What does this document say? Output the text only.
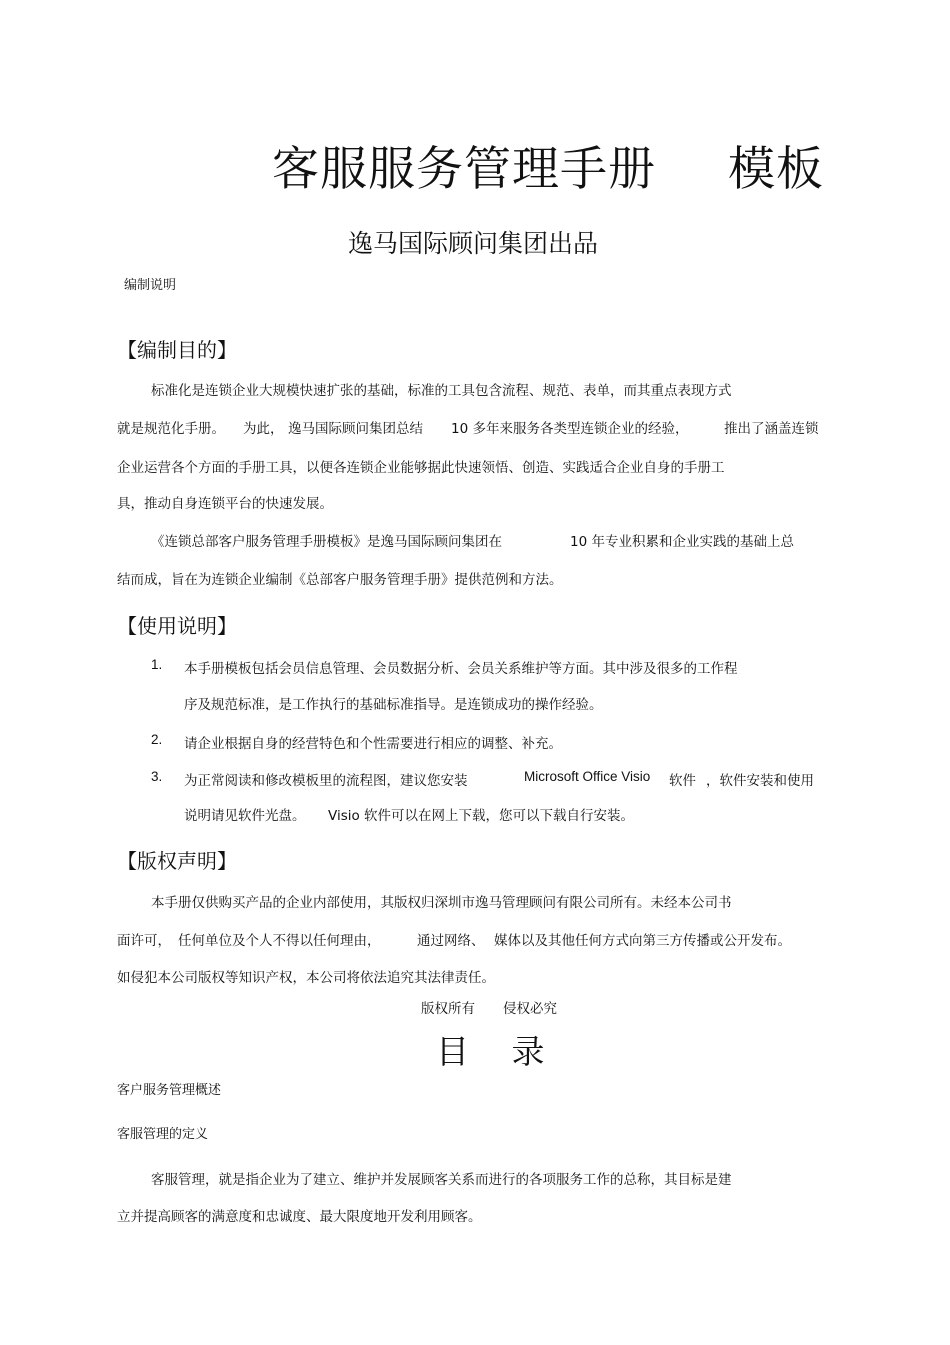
客服服务管理手册 模板
逸马国际顾问集团出品
编制说明
【编制目的】
标准化是连锁企业大规模快速扩张的基础，标准的工具包含流程、规范、表单，而其重点表现方式
就是规范化手册。 为此， 逸马国际顾问集团总结 10 多年来服务各类型连锁企业的经验，	推出了涵盖连锁
企业运营各个方面的手册工具，以便各连锁企业能够据此快速领悟、创造、实践适合企业自身的手册工
具，推动自身连锁平台的快速发展。
《连锁总部客户服务管理手册模板》是逸马国际顾问集团在	10 年专业积累和企业实践的基础上总
结而成，旨在为连锁企业编制《总部客户服务管理手册》提供范例和方法。
【使用说明】
1. 本手册模板包括会员信息管理、会员数据分析、会员关系维护等方面。其中涉及很多的工作程
序及规范标准，是工作执行的基础标准指导。是连锁成功的操作经验。
2. 请企业根据自身的经营特色和个性需要进行相应的调整、补充。
3. 为正常阅读和修改模板里的流程图，建议您安装	Microsoft Office Visio 软件 ，软件安装和使用
说明请见软件光盘。 Visio 软件可以在网上下载，您可以下载自行安装。
【版权声明】
本手册仅供购买产品的企业内部使用，其版权归深圳市逸马管理顾问有限公司所有。未经本公司书
面许可， 任何单位及个人不得以任何理由，	通过网络、 媒体以及其他任何方式向第三方传播或公开发布。
如侵犯本公司版权等知识产权，本公司将依法追究其法律责任。
版权所有 侵权必究
目 录
客户服务管理概述
客服管理的定义
客服管理，就是指企业为了建立、维护并发展顾客关系而进行的各项服务工作的总称，其目标是建
立并提高顾客的满意度和忠诚度、最大限度地开发利用顾客。
